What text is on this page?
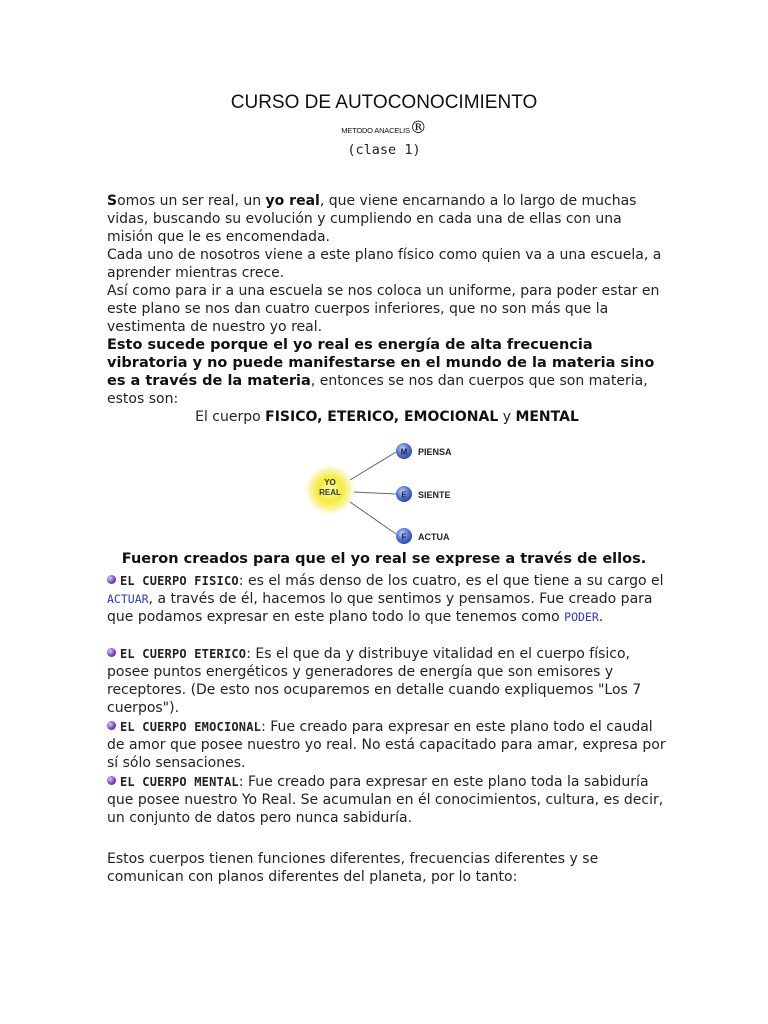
CURSO DE AUTOCONOCIMIENTO
METODO ANACELIS®
(clase 1)

Somos un ser real, un yo real, que viene encarnando a lo largo de muchas vidas, buscando su evolución y cumpliendo en cada una de ellas con una misión que le es encomendada.

Cada uno de nosotros viene a este plano físico como quien va a una escuela, a aprender mientras crece.

Así como para ir a una escuela se nos coloca un uniforme, para poder estar en este plano se nos dan cuatro cuerpos inferiores, que no son más que la vestimenta de nuestro yo real.

Esto sucede porque el yo real es energía de alta frecuencia vibratoria y no puede manifestarse en el mundo de la materia sino es a través de la materia, entonces se nos dan cuerpos que son materia, estos son:

El cuerpo FISICO, ETERICO, EMOCIONAL y MENTAL

YO
REAL
M PIENSA
E SIENTE
F ACTUA
Fueron creados para que el yo real se exprese a través de ellos.
EL CUERPO FISICO: es el más denso de los cuatro, es el que tiene a su cargo el ACTUAR, a través de él, hacemos lo que sentimos y pensamos. Fue creado para que podamos expresar en este plano todo lo que tenemos como PODER.
EL CUERPO ETERICO: Es el que da y distribuye vitalidad en el cuerpo físico, posee puntos energéticos y generadores de energía que son emisores y receptores. (De esto nos ocuparemos en detalle cuando expliquemos "Los 7 cuerpos").
EL CUERPO EMOCIONAL: Fue creado para expresar en este plano todo el caudal de amor que posee nuestro yo real. No está capacitado para amar, expresa por sí sólo sensaciones.
EL CUERPO MENTAL: Fue creado para expresar en este plano toda la sabiduría que posee nuestro Yo Real. Se acumulan en él conocimientos, cultura, es decir, un conjunto de datos pero nunca sabiduría.
Estos cuerpos tienen funciones diferentes, frecuencias diferentes y se comunican con planos diferentes del planeta, por lo tanto:
